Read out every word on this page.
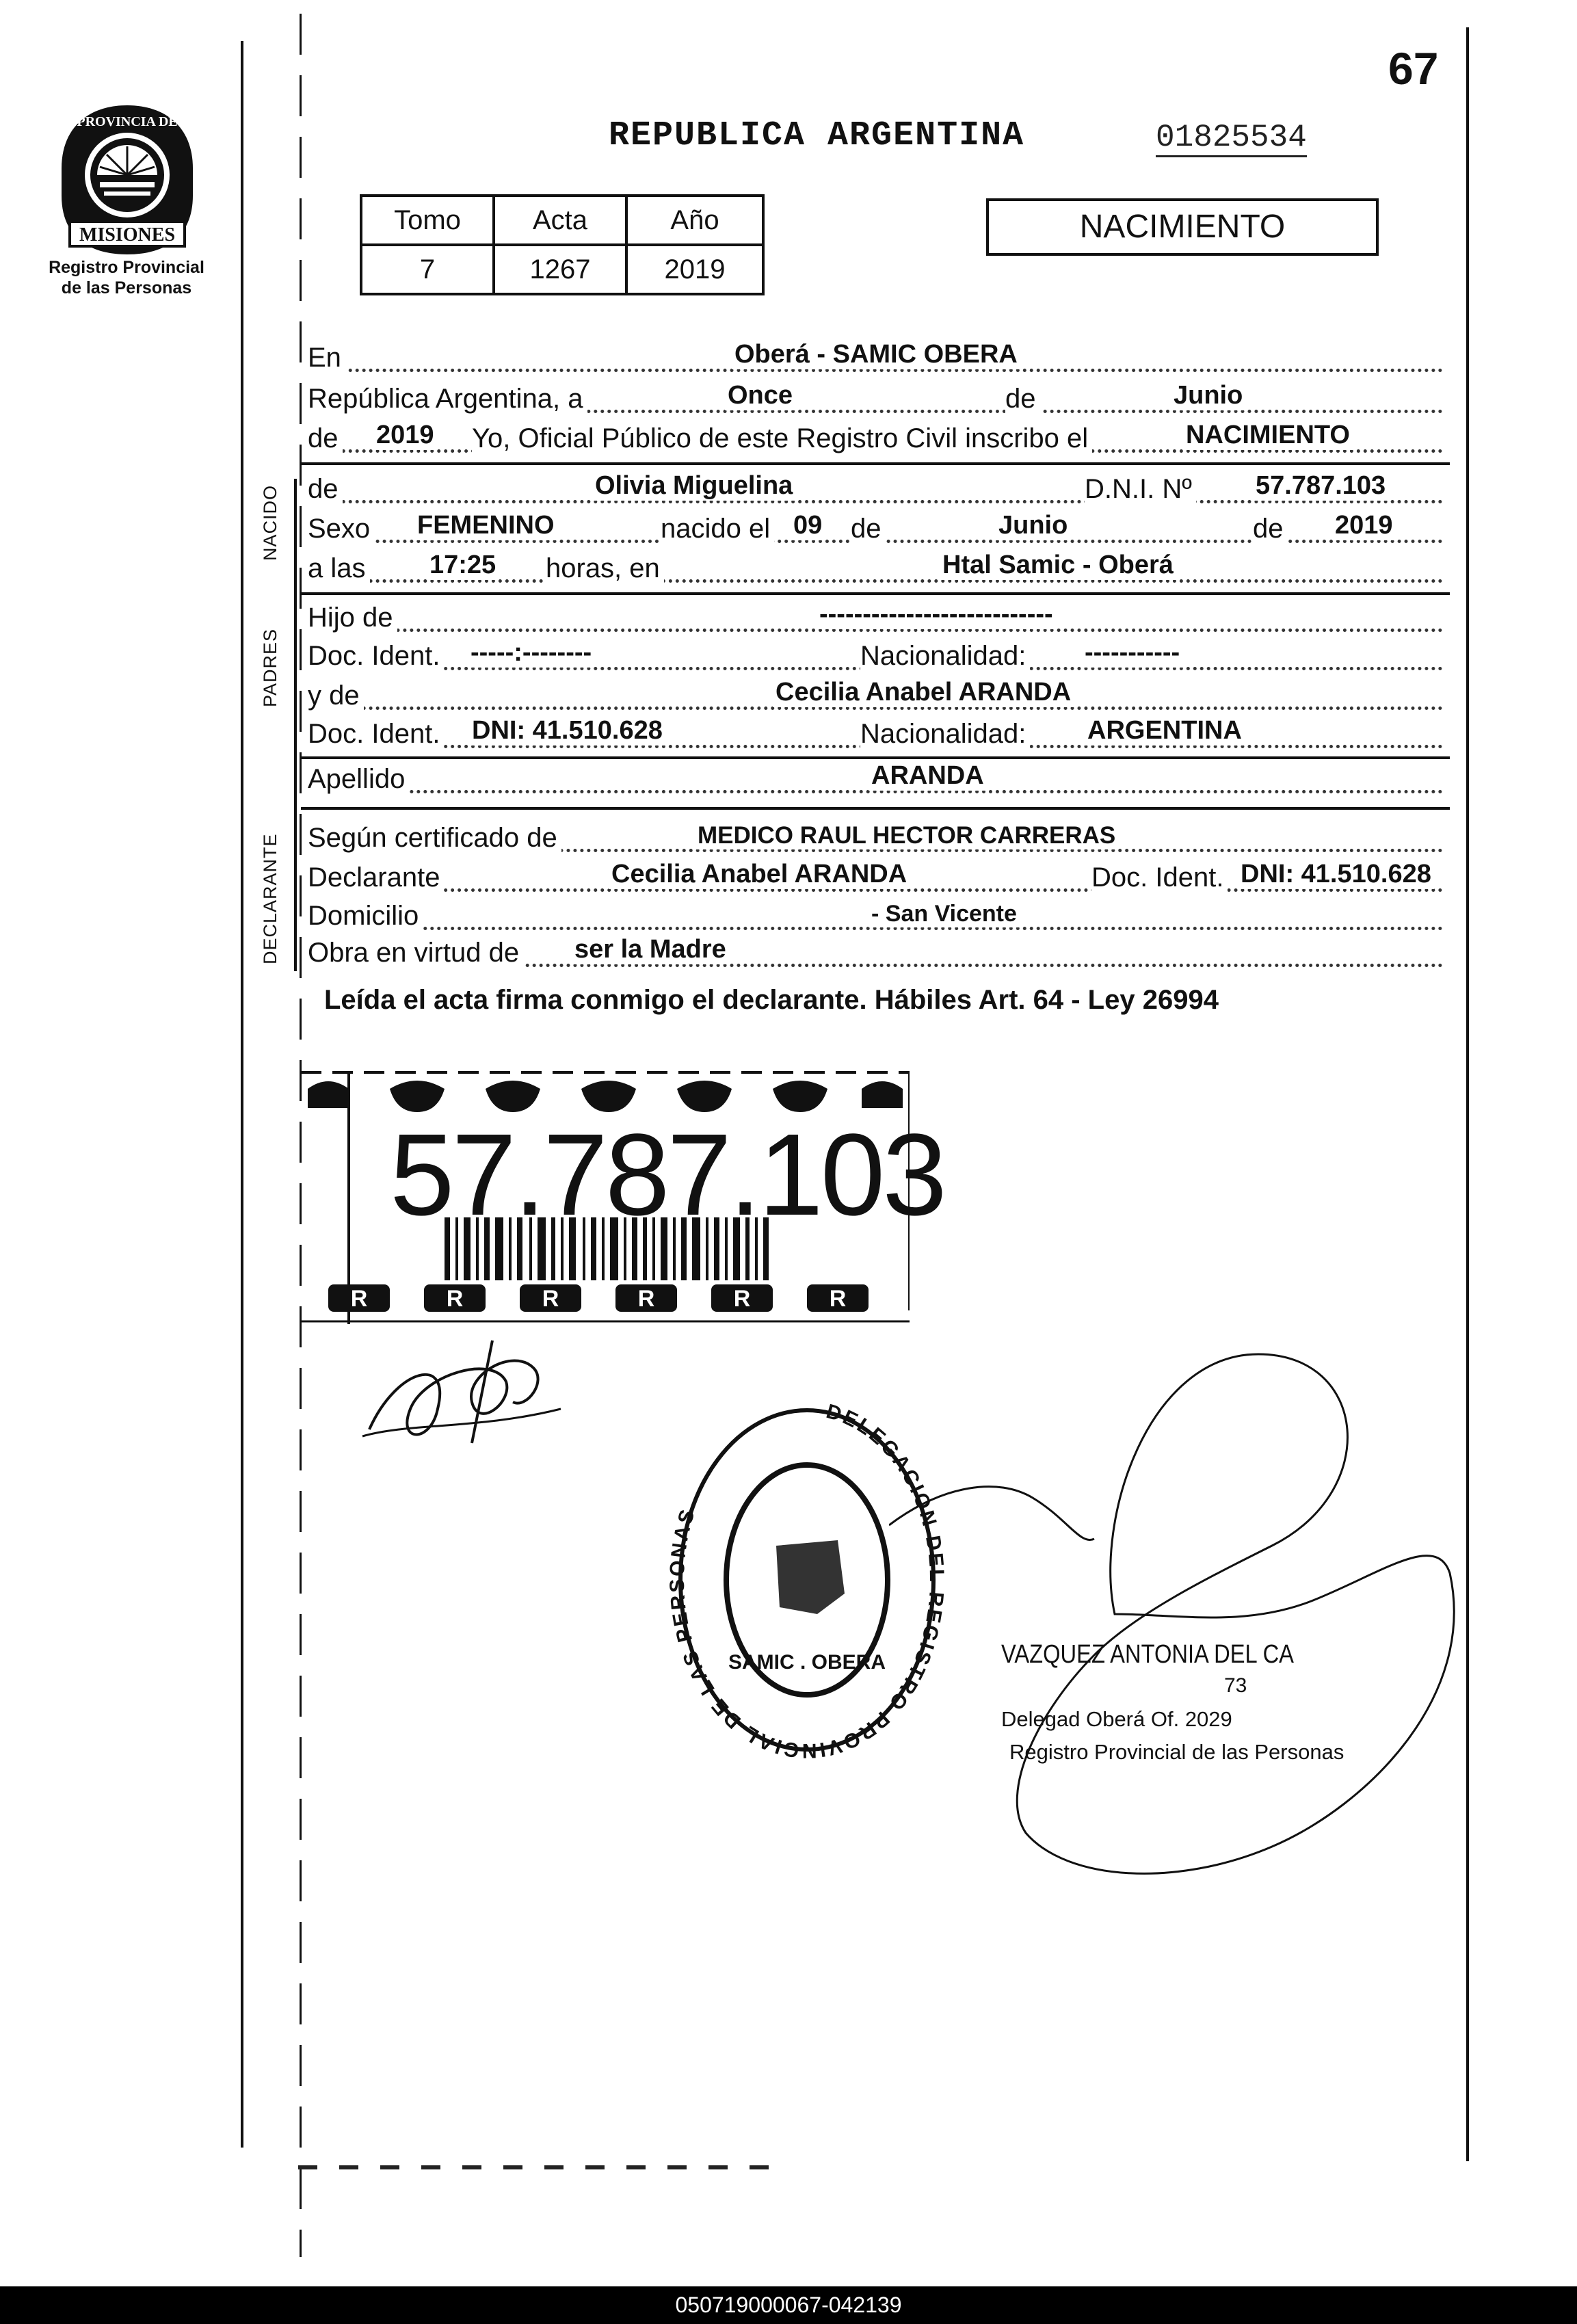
67
MISIONES
PROVINCIA DE
Registro Provincial
de las Personas
REPUBLICA ARGENTINA	01825534
Tomo	Acta	Año
7	1267	2019
NACIMIENTO
En	Oberá - SAMIC OBERA
República Argentina, a	Once	de	Junio
de 2019 Yo, Oficial Público de este Registro Civil inscribo el	NACIMIENTO
NACIDO de	Olivia Miguelina	D.N.I. Nº 57.787.103
Sexo FEMENINO	nacido el 09 de	Junio	de 2019
a las 17:25 horas, en	Htal Samic - Oberá
PADRES
Hijo de	---------------------------
Doc. Ident. -----:--------	Nacionalidad: -----------
y de	Cecilia Anabel ARANDA
Doc. Ident. DNI: 41.510.628	Nacionalidad: ARGENTINA
Apellido	ARANDA
DECLARANTE Según certificado de	MEDICO RAUL HECTOR CARRERAS
Declarante	Cecilia Anabel ARANDA	Doc. Ident. DNI: 41.510.628
Domicilio	- San Vicente
Obra en virtud de ser la Madre
Leída el acta firma conmigo el declarante. Hábiles Art. 64 - Ley 26994
R	R	R	R	R	R
57.787.103
DELEGACION DEL REGISTRO PROVINCIAL DE LAS PERSONAS
SAMIC . OBERA	VAZQUEZ ANTONIA DEL CA
73
Delegad Oberá Of. 2029
Registro Provincial de las Personas
050719000067-042139
